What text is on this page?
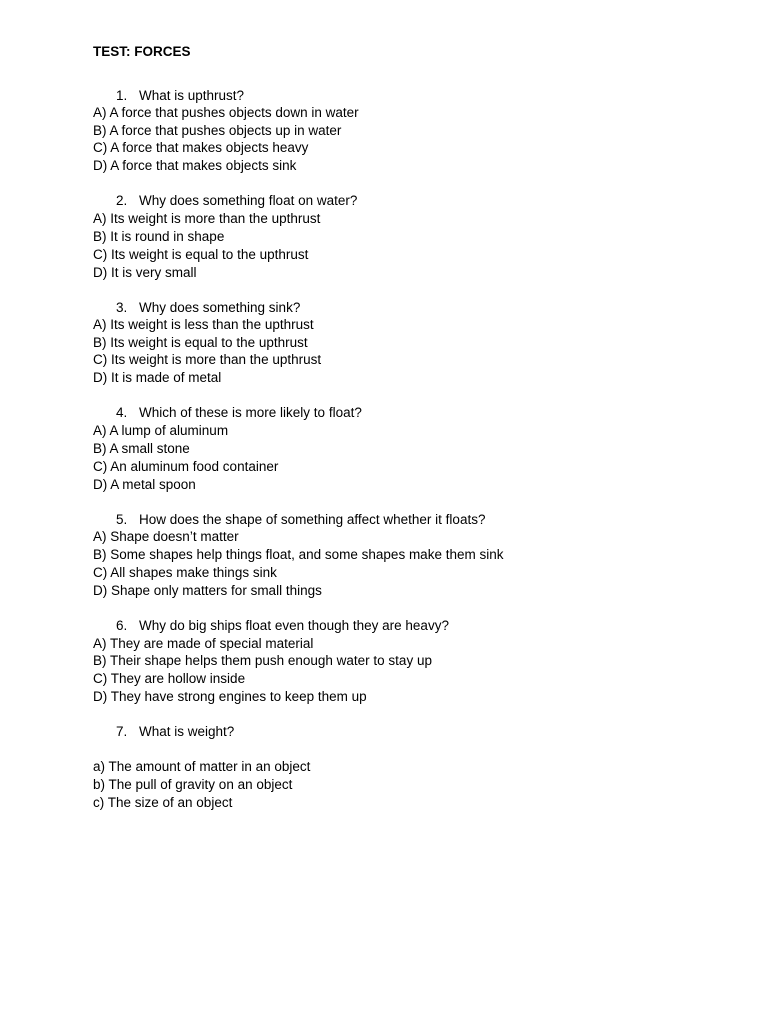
TEST: FORCES
1. What is upthrust?
A) A force that pushes objects down in water
B) A force that pushes objects up in water
C) A force that makes objects heavy
D) A force that makes objects sink
2. Why does something float on water?
A) Its weight is more than the upthrust
B) It is round in shape
C) Its weight is equal to the upthrust
D) It is very small
3. Why does something sink?
A) Its weight is less than the upthrust
B) Its weight is equal to the upthrust
C) Its weight is more than the upthrust
D) It is made of metal
4. Which of these is more likely to float?
A) A lump of aluminum
B) A small stone
C) An aluminum food container
D) A metal spoon
5. How does the shape of something affect whether it floats?
A) Shape doesn’t matter
B) Some shapes help things float, and some shapes make them sink
C) All shapes make things sink
D) Shape only matters for small things
6. Why do big ships float even though they are heavy?
A) They are made of special material
B) Their shape helps them push enough water to stay up
C) They are hollow inside
D) They have strong engines to keep them up
7. What is weight?
a) The amount of matter in an object
b) The pull of gravity on an object
c) The size of an object
